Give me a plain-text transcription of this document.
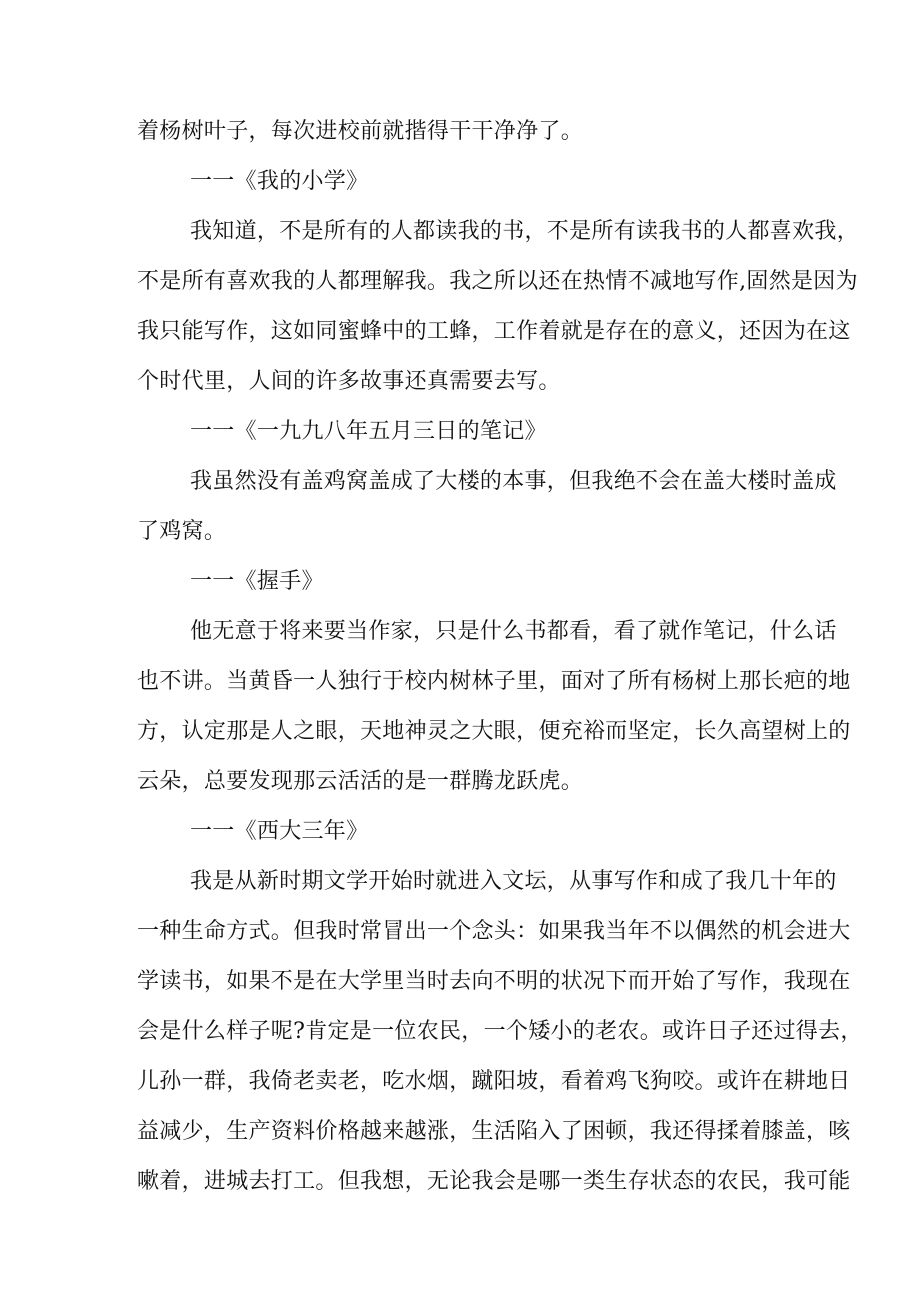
着杨树叶子，每次进校前就揩得干干净净了。
一一《我的小学》
我知道，不是所有的人都读我的书，不是所有读我书的人都喜欢我，
不是所有喜欢我的人都理解我。我之所以还在热情不减地写作,固然是因为
我只能写作，这如同蜜蜂中的工蜂，工作着就是存在的意义，还因为在这
个时代里，人间的许多故事还真需要去写。
一一《一九九八年五月三日的笔记》
我虽然没有盖鸡窝盖成了大楼的本事，但我绝不会在盖大楼时盖成
了鸡窝。
一一《握手》
他无意于将来要当作家，只是什么书都看，看了就作笔记，什么话
也不讲。当黄昏一人独行于校内树林子里，面对了所有杨树上那长疤的地
方，认定那是人之眼，天地神灵之大眼，便充裕而坚定，长久高望树上的
云朵，总要发现那云活活的是一群腾龙跃虎。
一一《西大三年》
我是从新时期文学开始时就进入文坛，从事写作和成了我几十年的
一种生命方式。但我时常冒出一个念头：如果我当年不以偶然的机会进大
学读书，如果不是在大学里当时去向不明的状况下而开始了写作，我现在
会是什么样子呢?肯定是一位农民，一个矮小的老农。或许日子还过得去，
儿孙一群，我倚老卖老，吃水烟，蹴阳坡，看着鸡飞狗咬。或许在耕地日
益减少，生产资料价格越来越涨，生活陷入了困顿，我还得揉着膝盖，咳
嗽着，进城去打工。但我想，无论我会是哪一类生存状态的农民，我可能
